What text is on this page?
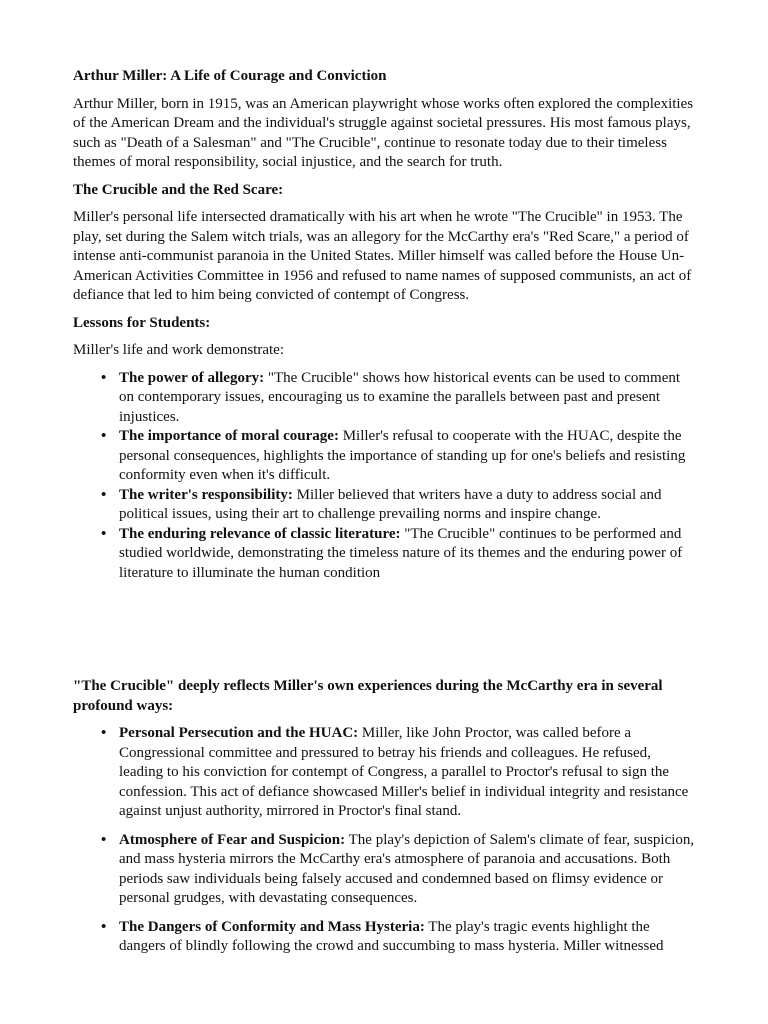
Arthur Miller: A Life of Courage and Conviction

Arthur Miller, born in 1915, was an American playwright whose works often explored the complexities of the American Dream and the individual's struggle against societal pressures. His most famous plays, such as "Death of a Salesman" and "The Crucible", continue to resonate today due to their timeless themes of moral responsibility, social injustice, and the search for truth.

The Crucible and the Red Scare:

Miller's personal life intersected dramatically with his art when he wrote "The Crucible" in 1953. The play, set during the Salem witch trials, was an allegory for the McCarthy era's "Red Scare," a period of intense anti-communist paranoia in the United States. Miller himself was called before the House Un-American Activities Committee in 1956 and refused to name names of supposed communists, an act of defiance that led to him being convicted of contempt of Congress.

Lessons for Students:

Miller's life and work demonstrate:

• The power of allegory: "The Crucible" shows how historical events can be used to comment on contemporary issues, encouraging us to examine the parallels between past and present injustices.
• The importance of moral courage: Miller's refusal to cooperate with the HUAC, despite the personal consequences, highlights the importance of standing up for one's beliefs and resisting conformity even when it's difficult.
• The writer's responsibility: Miller believed that writers have a duty to address social and political issues, using their art to challenge prevailing norms and inspire change.
• The enduring relevance of classic literature: "The Crucible" continues to be performed and studied worldwide, demonstrating the timeless nature of its themes and the enduring power of literature to illuminate the human condition

"The Crucible" deeply reflects Miller's own experiences during the McCarthy era in several profound ways:

• Personal Persecution and the HUAC: Miller, like John Proctor, was called before a Congressional committee and pressured to betray his friends and colleagues. He refused, leading to his conviction for contempt of Congress, a parallel to Proctor's refusal to sign the confession. This act of defiance showcased Miller's belief in individual integrity and resistance against unjust authority, mirrored in Proctor's final stand.
• Atmosphere of Fear and Suspicion: The play's depiction of Salem's climate of fear, suspicion, and mass hysteria mirrors the McCarthy era's atmosphere of paranoia and accusations. Both periods saw individuals being falsely accused and condemned based on flimsy evidence or personal grudges, with devastating consequences.
• The Dangers of Conformity and Mass Hysteria: The play's tragic events highlight the dangers of blindly following the crowd and succumbing to mass hysteria. Miller witnessed
